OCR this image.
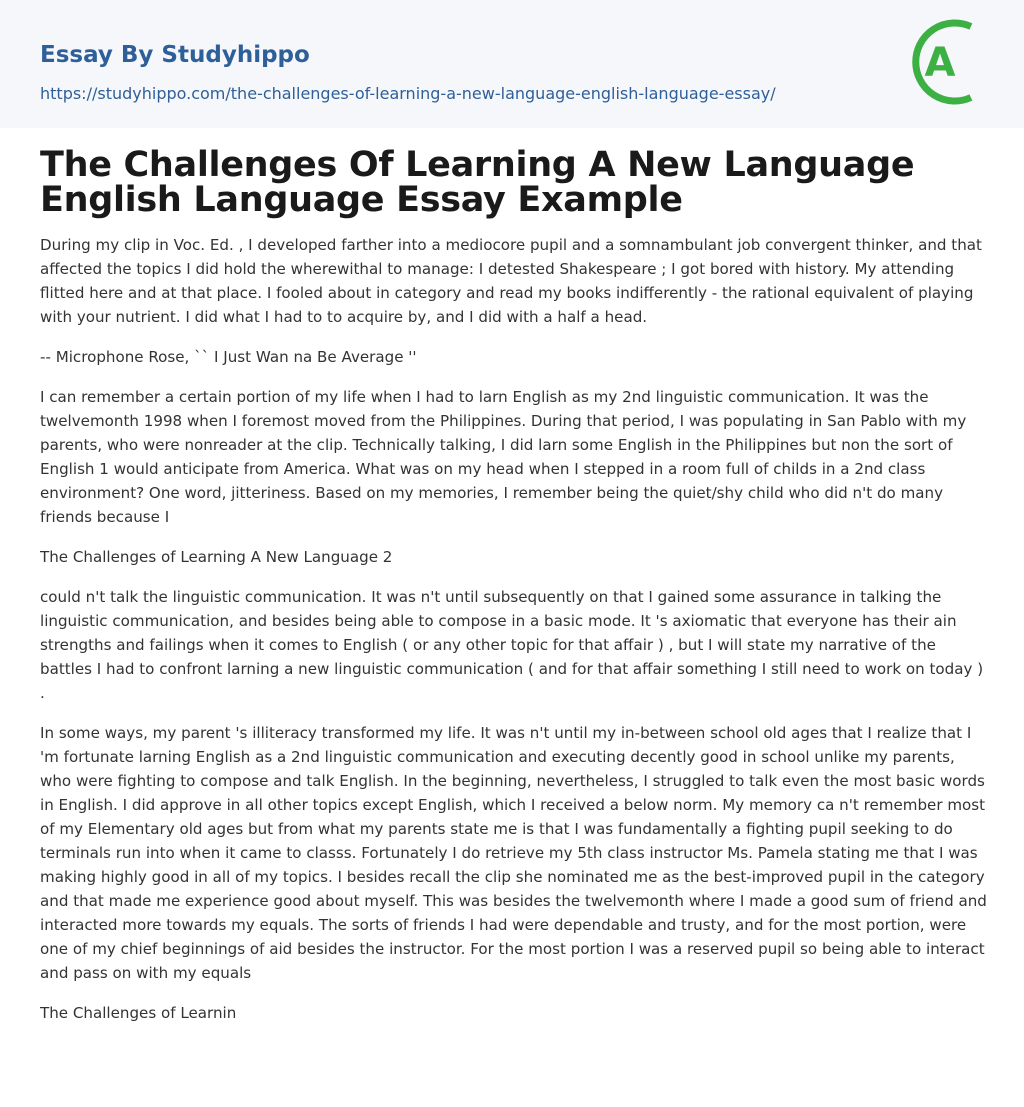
Essay By Studyhippo
https://studyhippo.com/the-challenges-of-learning-a-new-language-english-language-essay/
A
The Challenges Of Learning A New Language English Language Essay Example

During my clip in Voc. Ed. , I developed farther into a mediocore pupil and a somnambulant job convergent thinker, and that affected the topics I did hold the wherewithal to manage: I detested Shakespeare ; I got bored with history. My attending flitted here and at that place. I fooled about in category and read my books indifferently - the rational equivalent of playing with your nutrient. I did what I had to to acquire by, and I did with a half a head.

-- Microphone Rose, `` I Just Wan na Be Average ''

I can remember a certain portion of my life when I had to larn English as my 2nd linguistic communication. It was the twelvemonth 1998 when I foremost moved from the Philippines. During that period, I was populating in San Pablo with my parents, who were nonreader at the clip. Technically talking, I did larn some English in the Philippines but non the sort of English 1 would anticipate from America. What was on my head when I stepped in a room full of childs in a 2nd class environment? One word, jitteriness. Based on my memories, I remember being the quiet/shy child who did n't do many friends because I

The Challenges of Learning A New Language 2

could n't talk the linguistic communication. It was n't until subsequently on that I gained some assurance in talking the linguistic communication, and besides being able to compose in a basic mode. It 's axiomatic that everyone has their ain strengths and failings when it comes to English ( or any other topic for that affair ) , but I will state my narrative of the battles I had to confront larning a new linguistic communication ( and for that affair something I still need to work on today ) .

In some ways, my parent 's illiteracy transformed my life. It was n't until my in-between school old ages that I realize that I 'm fortunate larning English as a 2nd linguistic communication and executing decently good in school unlike my parents, who were fighting to compose and talk English. In the beginning, nevertheless, I struggled to talk even the most basic words in English. I did approve in all other topics except English, which I received a below norm. My memory ca n't remember most of my Elementary old ages but from what my parents state me is that I was fundamentally a fighting pupil seeking to do terminals run into when it came to classs. Fortunately I do retrieve my 5th class instructor Ms. Pamela stating me that I was making highly good in all of my topics. I besides recall the clip she nominated me as the best-improved pupil in the category and that made me experience good about myself. This was besides the twelvemonth where I made a good sum of friend and interacted more towards my equals. The sorts of friends I had were dependable and trusty, and for the most portion, were one of my chief beginnings of aid besides the instructor. For the most portion I was a reserved pupil so being able to interact and pass on with my equals

The Challenges of Learnin
